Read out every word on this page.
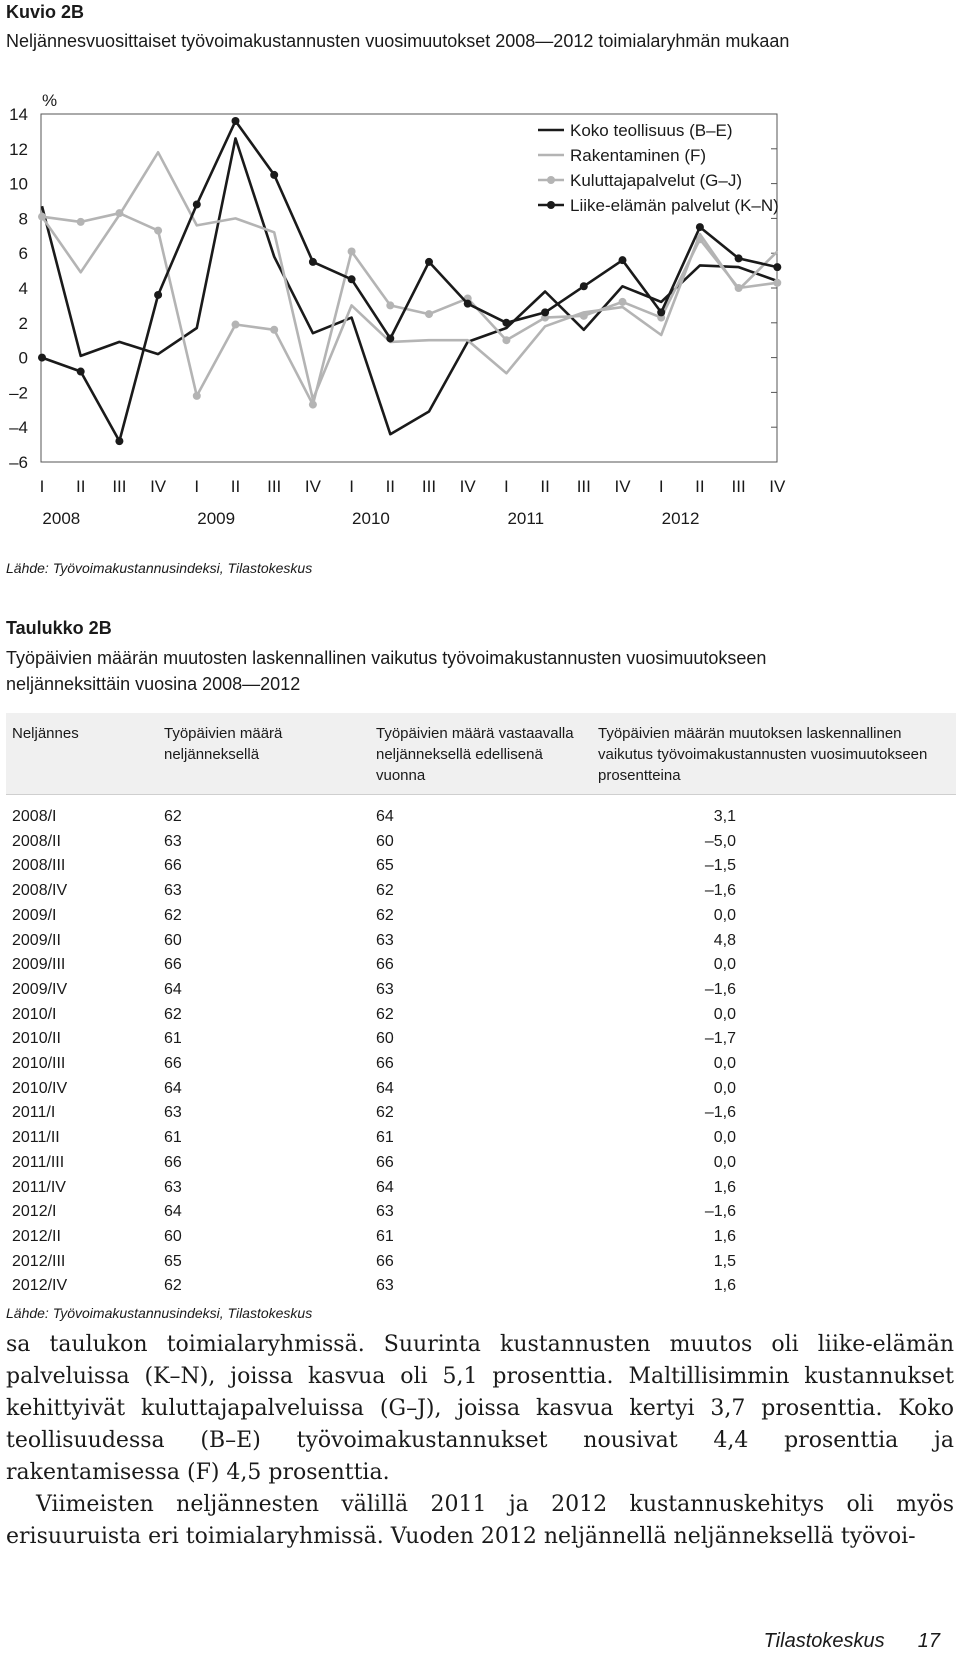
Kuvio 2B
Neljännesvuosittaiset työvoimakustannusten vuosimuutokset 2008—2012 toimialaryhmän mukaan
%
14
12
10
8
6
4
2
0
–2
–4
–6
I II III IV I II III IV I II III IV I II III IV I II III IV
2008	2009	2010	2011	2012
Koko teollisuus (B–E)
Rakentaminen (F)
Kuluttajapalvelut (G–J)
Liike-elämän palvelut (K–N)
Lähde: Työvoimakustannusindeksi, Tilastokeskus
Taulukko 2B
Työpäivien määrän muutosten laskennallinen vaikutus työvoimakustannusten vuosimuutokseen neljänneksittäin vuosina 2008—2012
Neljännes	Työpäivien määrä neljänneksellä	Työpäivien määrä vastaavalla neljänneksellä edellisenä vuonna	Työpäivien määrän muutoksen laskennallinen vaikutus työvoimakustannusten vuosimuutokseen prosentteina
2008/I	62	64	3,1
2008/II	63	60	–5,0
2008/III	66	65	–1,5
2008/IV	63	62	–1,6
2009/I	62	62	0,0
2009/II	60	63	4,8
2009/III	66	66	0,0
2009/IV	64	63	–1,6
2010/I	62	62	0,0
2010/II	61	60	–1,7
2010/III	66	66	0,0
2010/IV	64	64	0,0
2011/I	63	62	–1,6
2011/II	61	61	0,0
2011/III	66	66	0,0
2011/IV	63	64	1,6
2012/I	64	63	–1,6
2012/II	60	61	1,6
2012/III	65	66	1,5
2012/IV	62	63	1,6
Lähde: Työvoimakustannusindeksi, Tilastokeskus

sa taulukon toimialaryhmissä. Suurinta kustannusten muutos oli liike-elämän palveluissa (K–N), joissa kasvua oli 5,1 prosenttia. Maltillisimmin kustannukset kehittyivät kuluttajapalveluissa (G–J), joissa kasvua kertyi 3,7 prosenttia. Koko teollisuudessa (B–E) työvoimakustannukset nousivat 4,4 prosenttia ja rakentamisessa (F) 4,5 prosenttia.

Viimeisten neljännesten välillä 2011 ja 2012 kustannuskehitys oli myös erisuuruista eri toimialaryhmissä. Vuoden 2012 neljännellä neljänneksellä työvoi-

Tilastokeskus 17
